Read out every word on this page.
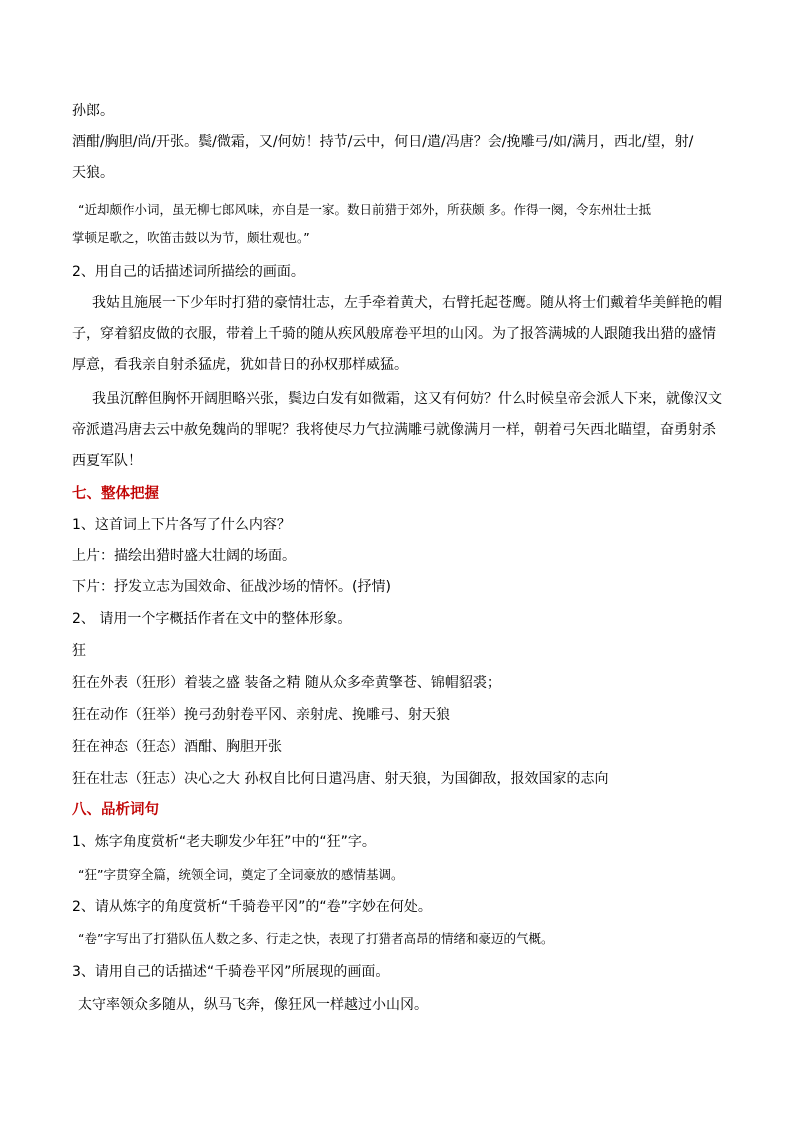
孙郎。
酒酣/胸胆/尚/开张。鬓/微霜，又/何妨！持节/云中，何日/遣/冯唐？会/挽雕弓/如/满月，西北/望，射/
天狼。
“近却颇作小词，虽无柳七郎风味，亦自是一家。数日前猎于郊外，所获颇 多。作得一阕，令东州壮士抵
掌顿足歌之，吹笛击鼓以为节，颇壮观也。”
2、用自己的话描述词所描绘的画面。
我姑且施展一下少年时打猎的豪情壮志，左手牵着黄犬，右臂托起苍鹰。随从将士们戴着华美鲜艳的帽
子，穿着貂皮做的衣服，带着上千骑的随从疾风般席卷平坦的山冈。为了报答满城的人跟随我出猎的盛情
厚意，看我亲自射杀猛虎，犹如昔日的孙权那样威猛。
我虽沉醉但胸怀开阔胆略兴张，鬓边白发有如微霜，这又有何妨？什么时候皇帝会派人下来，就像汉文
帝派遣冯唐去云中赦免魏尚的罪呢？我将使尽力气拉满雕弓就像满月一样，朝着弓矢西北瞄望，奋勇射杀
西夏军队！
七、整体把握
1、这首词上下片各写了什么内容？
上片：描绘出猎时盛大壮阔的场面。
下片：抒发立志为国效命、征战沙场的情怀。(抒情)
2、 请用一个字概括作者在文中的整体形象。
狂
狂在外表（狂形）着装之盛 装备之精 随从众多牵黄擎苍、锦帽貂裘；
狂在动作（狂举）挽弓劲射卷平冈、亲射虎、挽雕弓、射天狼
狂在神态（狂态）酒酣、胸胆开张
狂在壮志（狂志）决心之大 孙权自比何日遣冯唐、射天狼，为国御敌，报效国家的志向
八、品析词句
1、炼字角度赏析“老夫聊发少年狂”中的“狂”字。
“狂”字贯穿全篇，统领全词，奠定了全词豪放的感情基调。
2、请从炼字的角度赏析“千骑卷平冈”的“卷”字妙在何处。
“卷”字写出了打猎队伍人数之多、行走之快，表现了打猎者高昂的情绪和豪迈的气概。
3、请用自己的话描述“千骑卷平冈”所展现的画面。
太守率领众多随从，纵马飞奔，像狂风一样越过小山冈。
